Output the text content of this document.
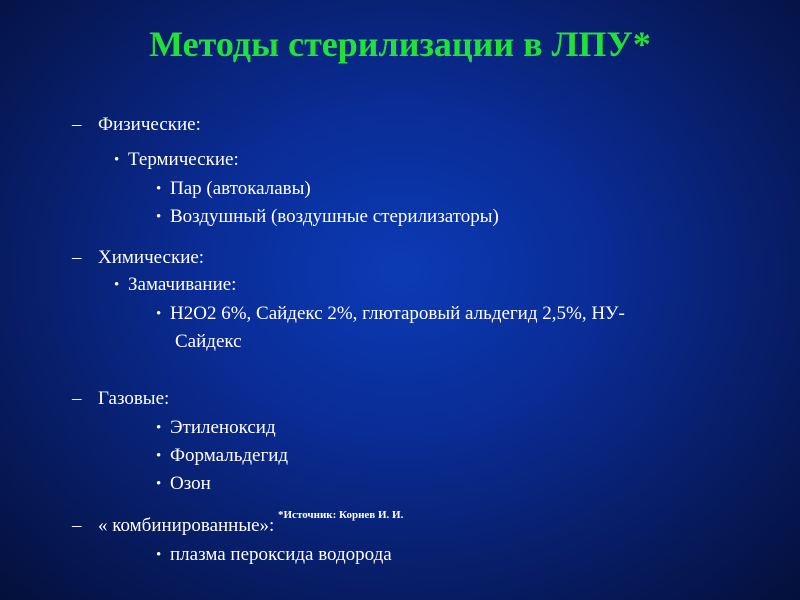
Методы стерилизации в ЛПУ*
–Физические:
•Термические:
•Пар (автокалавы)
•Воздушный (воздушные стерилизаторы)
–Химические:
•Замачивание:
•Н2О2 6%, Сайдекс 2%, глютаровый альдегид 2,5%, НУ-
Сайдекс
–Газовые:
•Этиленоксид
•Формальдегид
•Озон
–« комбинированные»: *Источник: Корнев И. И.
•плазма пероксида водорода
